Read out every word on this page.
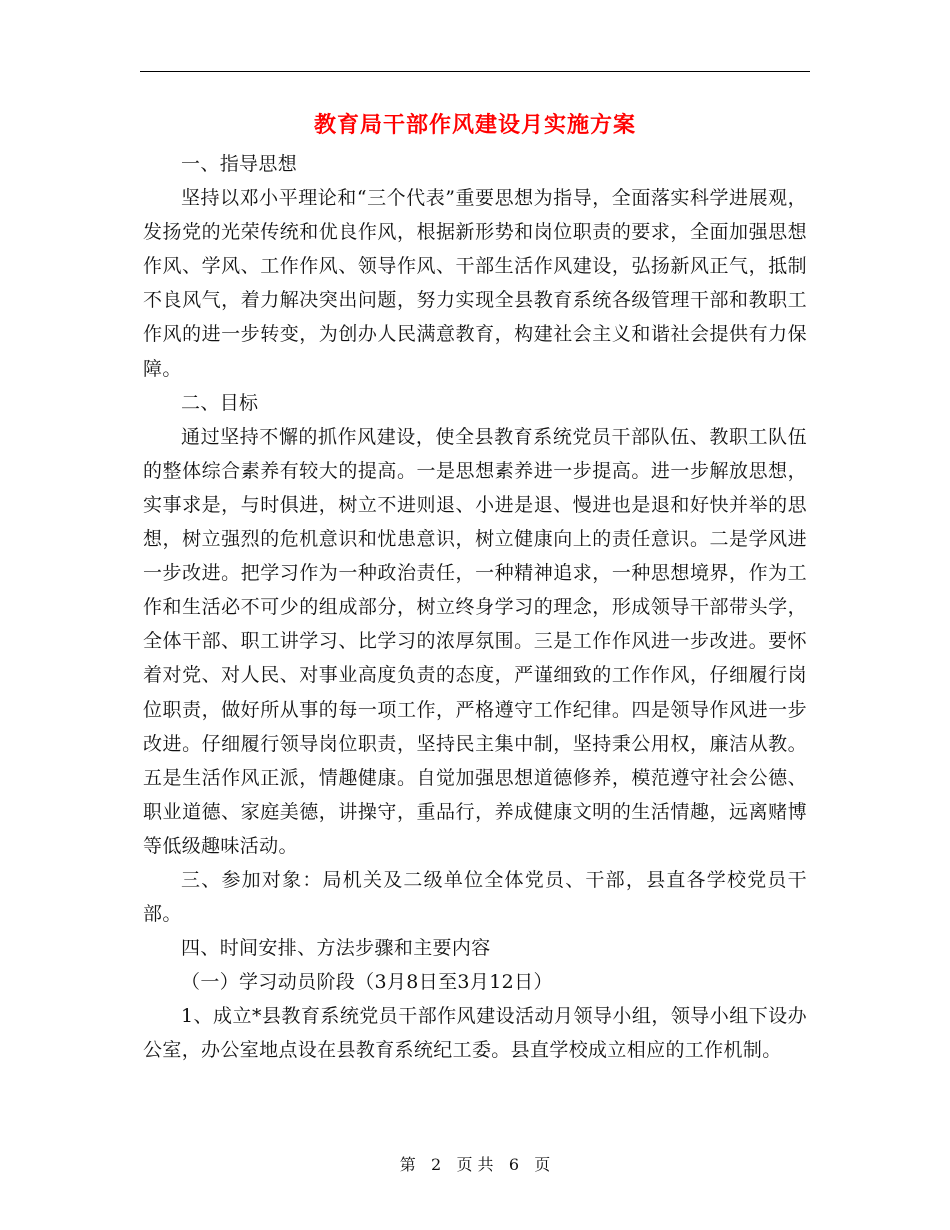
教育局干部作风建设月实施方案

一、指导思想

坚持以邓小平理论和“三个代表”重要思想为指导，全面落实科学进展观，发扬党的光荣传统和优良作风，根据新形势和岗位职责的要求，全面加强思想作风、学风、工作作风、领导作风、干部生活作风建设，弘扬新风正气，抵制不良风气，着力解决突出问题，努力实现全县教育系统各级管理干部和教职工作风的进一步转变，为创办人民满意教育，构建社会主义和谐社会提供有力保障。

二、目标

通过坚持不懈的抓作风建设，使全县教育系统党员干部队伍、教职工队伍的整体综合素养有较大的提高。一是思想素养进一步提高。进一步解放思想，实事求是，与时俱进，树立不进则退、小进是退、慢进也是退和好快并举的思想，树立强烈的危机意识和忧患意识，树立健康向上的责任意识。二是学风进一步改进。把学习作为一种政治责任，一种精神追求，一种思想境界，作为工作和生活必不可少的组成部分，树立终身学习的理念，形成领导干部带头学，全体干部、职工讲学习、比学习的浓厚氛围。三是工作作风进一步改进。要怀着对党、对人民、对事业高度负责的态度，严谨细致的工作作风，仔细履行岗位职责，做好所从事的每一项工作，严格遵守工作纪律。四是领导作风进一步改进。仔细履行领导岗位职责，坚持民主集中制，坚持秉公用权，廉洁从教。五是生活作风正派，情趣健康。自觉加强思想道德修养，模范遵守社会公德、职业道德、家庭美德，讲操守，重品行，养成健康文明的生活情趣，远离赌博等低级趣味活动。

三、参加对象：局机关及二级单位全体党员、干部，县直各学校党员干部。

四、时间安排、方法步骤和主要内容

（一）学习动员阶段（3月8日至3月12日）

1、成立*县教育系统党员干部作风建设活动月领导小组，领导小组下设办公室，办公室地点设在县教育系统纪工委。县直学校成立相应的工作机制。

第 2 页 共 6 页
